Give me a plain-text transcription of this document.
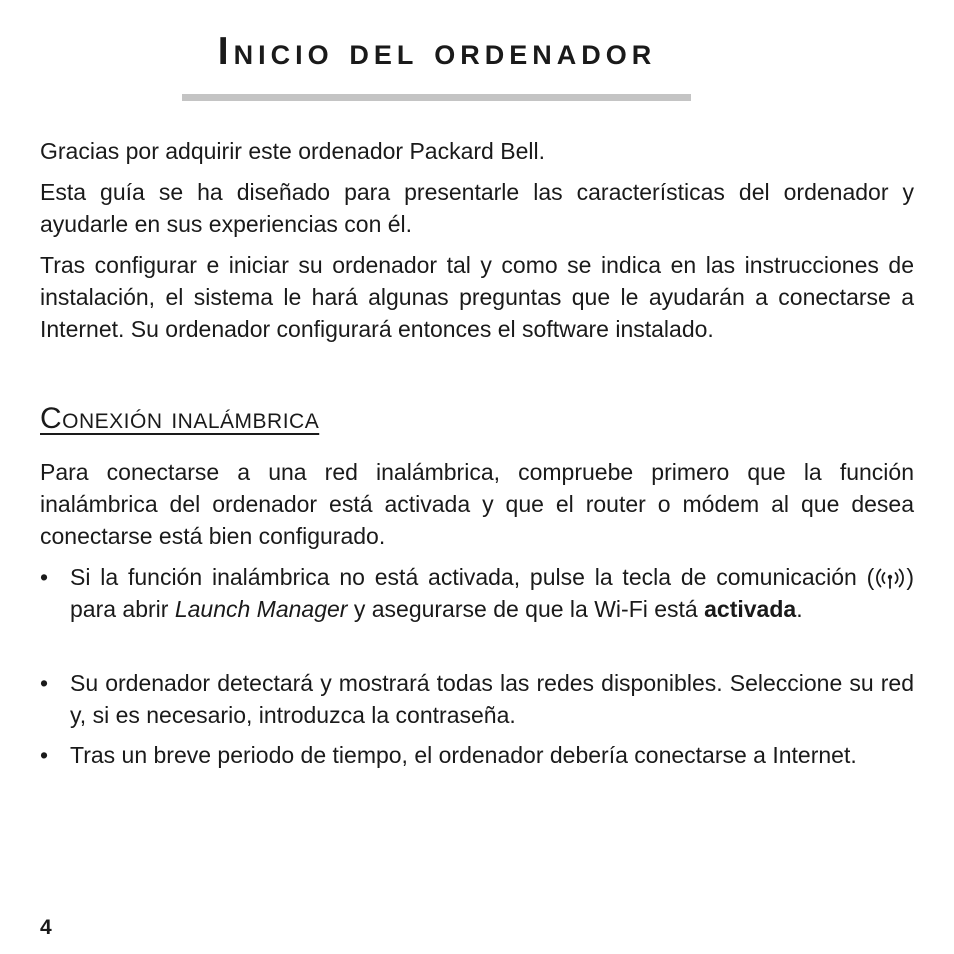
Inicio del ordenador

Gracias por adquirir este ordenador Packard Bell.

Esta guía se ha diseñado para presentarle las características del ordenador y ayudarle en sus experiencias con él.

Tras configurar e iniciar su ordenador tal y como se indica en las instrucciones de instalación, el sistema le hará algunas preguntas que le ayudarán a conectarse a Internet. Su ordenador configurará entonces el software instalado.

Conexión inalámbrica

Para conectarse a una red inalámbrica, compruebe primero que la función inalámbrica del ordenador está activada y que el router o módem al que desea conectarse está bien configurado.

• Si la función inalámbrica no está activada, pulse la tecla de comunicación ( ) para abrir Launch Manager y asegurarse de que la Wi-Fi está activada.

• Su ordenador detectará y mostrará todas las redes disponibles. Seleccione su red y, si es necesario, introduzca la contraseña.

• Tras un breve periodo de tiempo, el ordenador debería conectarse a Internet.

4
